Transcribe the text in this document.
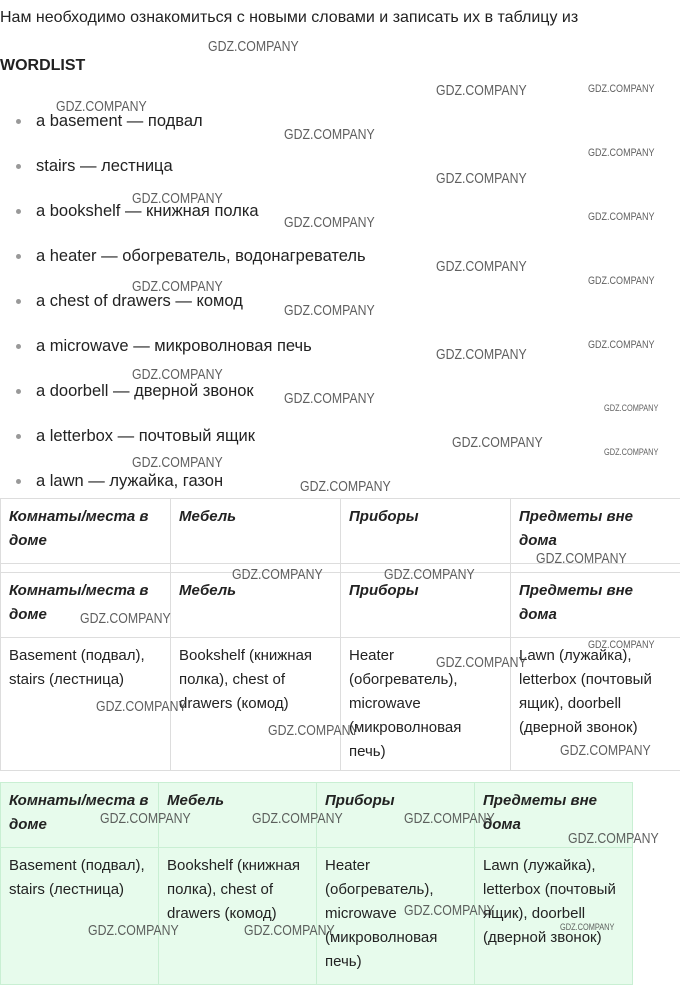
Нам необходимо ознакомиться с новыми словами и записать их в таблицу из
WORDLIST
a basement — подвал
stairs — лестница
a bookshelf — книжная полка
a heater — обогреватель, водонагреватель
a chest of drawers — комод
a microwave — микроволновая печь
a doorbell — дверной звонок
a letterbox — почтовый ящик
a lawn — лужайка, газон
Комнаты/места в доме	Мебель	Приборы	Предметы вне дома

Комнаты/места в доме	Мебель	Приборы	Предметы вне дома
Basement (подвал), stairs (лестница)	Bookshelf (книжная полка), chest of drawers (комод)	Heater (обогреватель), microwave (микроволновая печь)	Lawn (лужайка), letterbox (почтовый ящик), doorbell (дверной звонок)
Комнаты/места в доме	Мебель	Приборы	Предметы вне дома
Basement (подвал), stairs (лестница)	Bookshelf (книжная полка), chest of drawers (комод)	Heater (обогреватель), microwave (микроволновая печь)	Lawn (лужайка), letterbox (почтовый ящик), doorbell (дверной звонок)
GDZ.COMPANY
GDZ.COMPANY	GDZ.COMPANY
GDZ.COMPANY
GDZ.COMPANY
GDZ.COMPANY
GDZ.COMPANY
GDZ.COMPANY
GDZ.COMPANY
GDZ.COMPANY
GDZ.COMPANY
GDZ.COMPANY
GDZ.COMPANY
GDZ.COMPANY
GDZ.COMPANY
GDZ.COMPANY
GDZ.COMPANY
GDZ.COMPANY
GDZ.COMPANY
GDZ.COMPANY
GDZ.COMPANY
GDZ.COMPANY
GDZ.COMPANY
GDZ.COMPANY
GDZ.COMPANY	GDZ.COMPANY
GDZ.COMPANY
GDZ.COMPANY
GDZ.COMPANY
GDZ.COMPANY
GDZ.COMPANY
GDZ.COMPANY
GDZ.COMPANY	GDZ.COMPANY	GDZ.COMPANY
GDZ.COMPANY
GDZ.COMPANY
GDZ.COMPANY
GDZ.COMPANY	GDZ.COMPANY
